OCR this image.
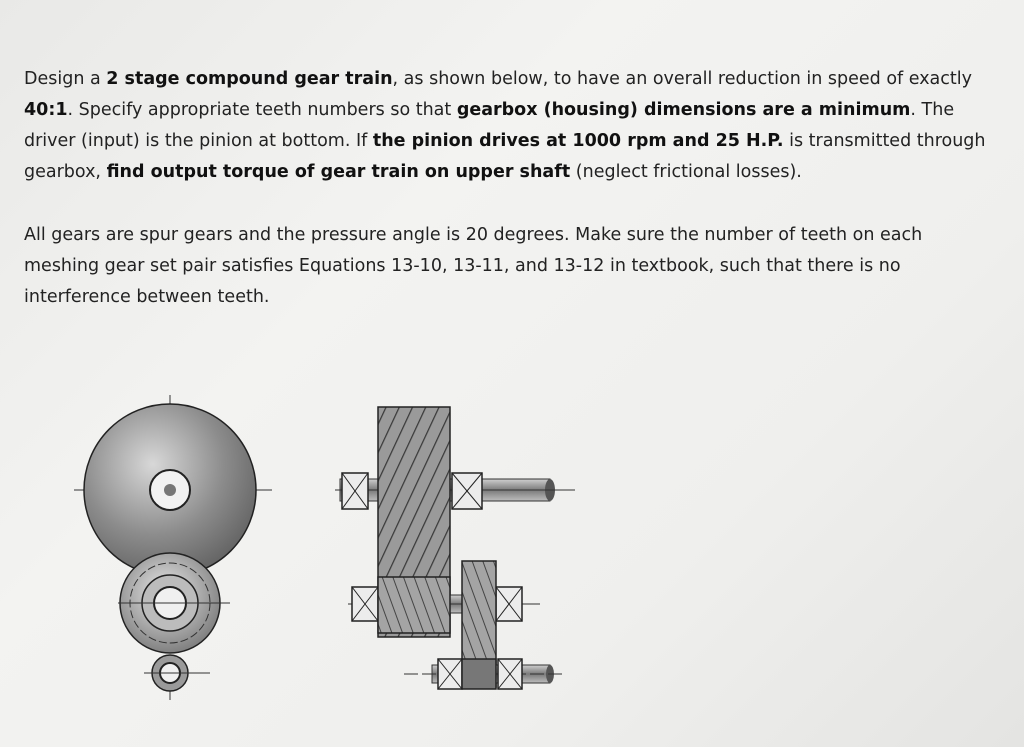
Design a 2 stage compound gear train, as shown below, to have an overall reduction in speed of exactly 40:1. Specify appropriate teeth numbers so that gearbox (housing) dimensions are a minimum. The driver (input) is the pinion at bottom. If the pinion drives at 1000 rpm and 25 H.P. is transmitted through gearbox, find output torque of gear train on upper shaft (neglect frictional losses).

All gears are spur gears and the pressure angle is 20 degrees. Make sure the number of teeth on each meshing gear set pair satisfies Equations 13-10, 13-11, and 13-12 in textbook, such that there is no interference between teeth.
